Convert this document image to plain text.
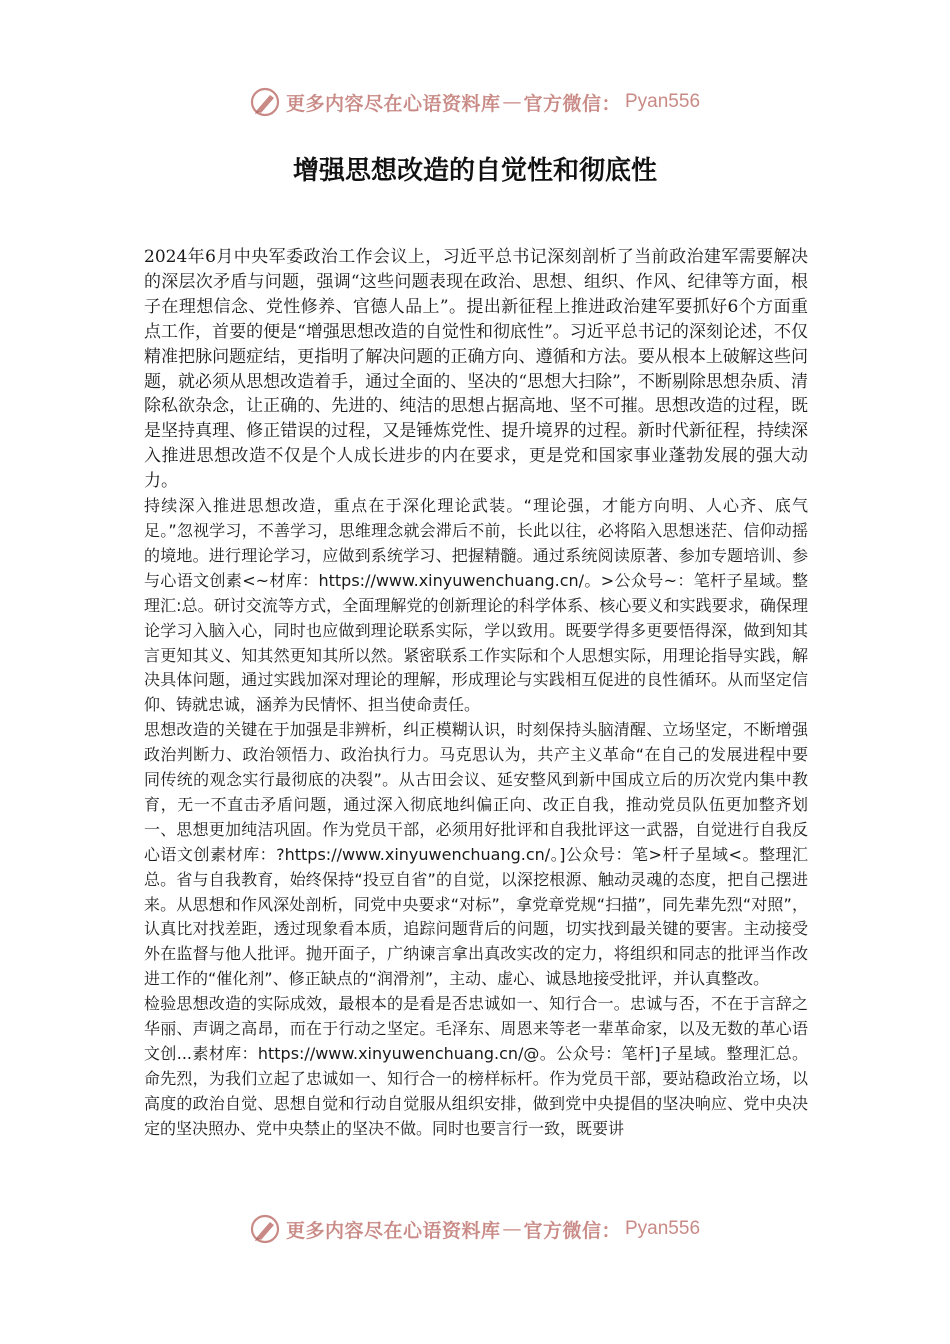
更多内容尽在心语资料库 — 官方微信： Pyan556
增强思想改造的自觉性和彻底性

2024年6月中央军委政治工作会议上，习近平总书记深刻剖析了当前政治建军需要解决的深层次矛盾与问题，强调“这些问题表现在政治、思想、组织、作风、纪律等方面，根子在理想信念、党性修养、官德人品上”。提出新征程上推进政治建军要抓好6个方面重点工作，首要的便是“增强思想改造的自觉性和彻底性”。习近平总书记的深刻论述，不仅精准把脉问题症结，更指明了解决问题的正确方向、遵循和方法。要从根本上破解这些问题，就必须从思想改造着手，通过全面的、坚决的“思想大扫除”，不断剔除思想杂质、清除私欲杂念，让正确的、先进的、纯洁的思想占据高地、坚不可摧。思想改造的过程，既是坚持真理、修正错误的过程，又是锤炼党性、提升境界的过程。新时代新征程，持续深入推进思想改造不仅是个人成长进步的内在要求，更是党和国家事业蓬勃发展的强大动力。

持续深入推进思想改造，重点在于深化理论武装。“理论强，才能方向明、人心齐、底气足。”忽视学习，不善学习，思维理念就会滞后不前，长此以往，必将陷入思想迷茫、信仰动摇的境地。进行理论学习，应做到系统学习、把握精髓。通过系统阅读原著、参加专题培训、参与心语文创素<~材库：https://www.xinyuwenchuang.cn/。>公众号~：笔杆子星域。整理汇:总。研讨交流等方式，全面理解党的创新理论的科学体系、核心要义和实践要求，确保理论学习入脑入心，同时也应做到理论联系实际，学以致用。既要学得多更要悟得深，做到知其言更知其义、知其然更知其所以然。紧密联系工作实际和个人思想实际，用理论指导实践，解决具体问题，通过实践加深对理论的理解，形成理论与实践相互促进的良性循环。从而坚定信仰、铸就忠诚，涵养为民情怀、担当使命责任。

思想改造的关键在于加强是非辨析，纠正模糊认识，时刻保持头脑清醒、立场坚定，不断增强政治判断力、政治领悟力、政治执行力。马克思认为，共产主义革命“在自己的发展进程中要同传统的观念实行最彻底的决裂”。从古田会议、延安整风到新中国成立后的历次党内集中教育，无一不直击矛盾问题，通过深入彻底地纠偏正向、改正自我，推动党员队伍更加整齐划一、思想更加纯洁巩固。作为党员干部，必须用好批评和自我批评这一武器，自觉进行自我反心语文创素材库：?https://www.xinyuwenchuang.cn/。]公众号：笔>杆子星域<。整理汇总。省与自我教育，始终保持“投豆自省”的自觉，以深挖根源、触动灵魂的态度，把自己摆进来。从思想和作风深处剖析，同党中央要求“对标”，拿党章党规“扫描”，同先辈先烈“对照”，认真比对找差距，透过现象看本质，追踪问题背后的问题，切实找到最关键的要害。主动接受外在监督与他人批评。抛开面子，广纳谏言拿出真改实改的定力，将组织和同志的批评当作改进工作的“催化剂”、修正缺点的“润滑剂”，主动、虚心、诚恳地接受批评，并认真整改。

检验思想改造的实际成效，最根本的是看是否忠诚如一、知行合一。忠诚与否，不在于言辞之华丽、声调之高昂，而在于行动之坚定。毛泽东、周恩来等老一辈革命家，以及无数的革心语文创...素材库：https://www.xinyuwenchuang.cn/@。公众号：笔杆]子星域。整理汇总。命先烈，为我们立起了忠诚如一、知行合一的榜样标杆。作为党员干部，要站稳政治立场，以高度的政治自觉、思想自觉和行动自觉服从组织安排，做到党中央提倡的坚决响应、党中央决定的坚决照办、党中央禁止的坚决不做。同时也要言行一致，既要讲

更多内容尽在心语资料库 — 官方微信： Pyan556
